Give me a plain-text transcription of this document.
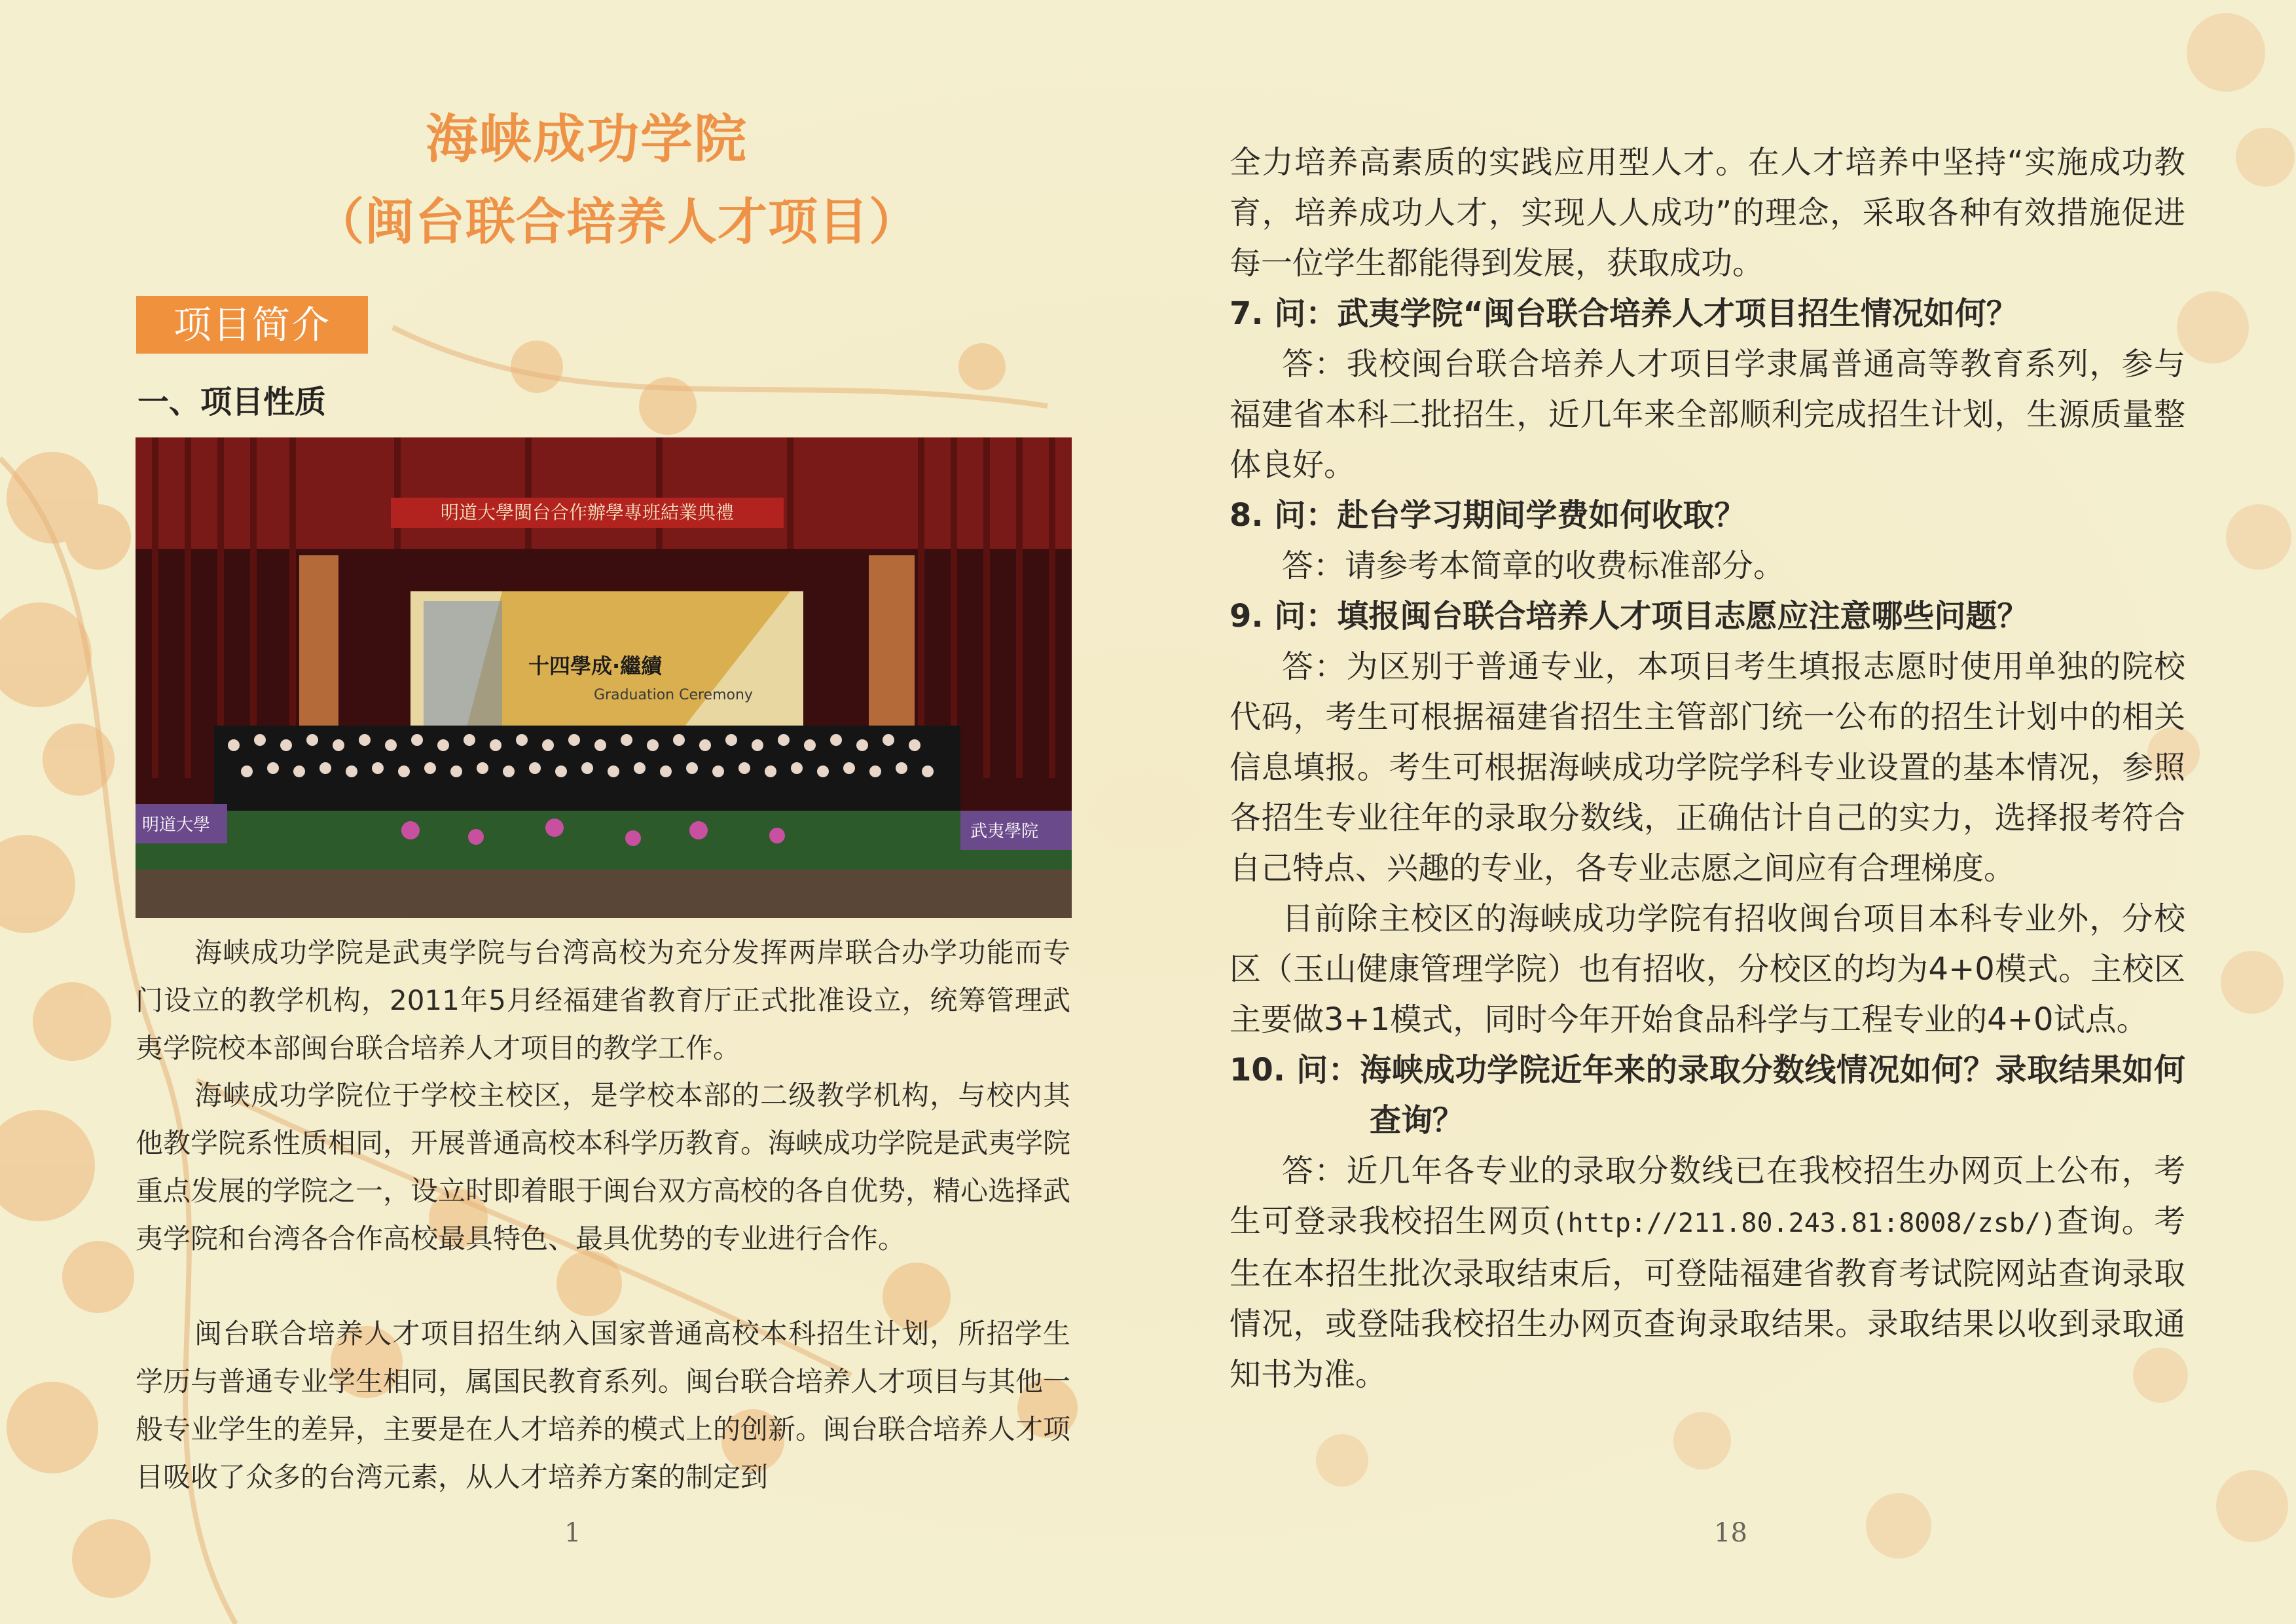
海峡成功学院
（闽台联合培养人才项目）
项目简介
一、项目性质
明道大學閩台合作辦學專班結業典禮
十四學成·繼續
Graduation Ceremony
明道大學	武夷學院
海峡成功学院是武夷学院与台湾高校为充分发挥两岸联合办学功能而专门设立的教学机构，2011年5月经福建省教育厅正式批准设立，统筹管理武夷学院校本部闽台联合培养人才项目的教学工作。
海峡成功学院位于学校主校区，是学校本部的二级教学机构，与校内其他教学院系性质相同，开展普通高校本科学历教育。海峡成功学院是武夷学院重点发展的学院之一，设立时即着眼于闽台双方高校的各自优势，精心选择武夷学院和台湾各合作高校最具特色、最具优势的专业进行合作。
闽台联合培养人才项目招生纳入国家普通高校本科招生计划，所招学生学历与普通专业学生相同，属国民教育系列。闽台联合培养人才项目与其他一般专业学生的差异，主要是在人才培养的模式上的创新。闽台联合培养人才项目吸收了众多的台湾元素，从人才培养方案的制定到
1

全力培养高素质的实践应用型人才。在人才培养中坚持“实施成功教育，培养成功人才，实现人人成功”的理念，采取各种有效措施促进每一位学生都能得到发展，获取成功。

7. 问：武夷学院“闽台联合培养人才项目招生情况如何？

答：我校闽台联合培养人才项目学隶属普通高等教育系列，参与福建省本科二批招生，近几年来全部顺利完成招生计划，生源质量整体良好。

8. 问：赴台学习期间学费如何收取？

答：请参考本简章的收费标准部分。

9. 问：填报闽台联合培养人才项目志愿应注意哪些问题？

答：为区别于普通专业，本项目考生填报志愿时使用单独的院校代码，考生可根据福建省招生主管部门统一公布的招生计划中的相关信息填报。考生可根据海峡成功学院学科专业设置的基本情况，参照各招生专业往年的录取分数线，正确估计自己的实力，选择报考符合自己特点、兴趣的专业，各专业志愿之间应有合理梯度。

目前除主校区的海峡成功学院有招收闽台项目本科专业外，分校区（玉山健康管理学院）也有招收，分校区的均为4+0模式。主校区主要做3+1模式，同时今年开始食品科学与工程专业的4+0试点。

10. 问：海峡成功学院近年来的录取分数线情况如何？录取结果如何查询？

答：近几年各专业的录取分数线已在我校招生办网页上公布，考生可登录我校招生网页(http://211.80.243.81:8008/zsb/)查询。考生在本招生批次录取结束后，可登陆福建省教育考试院网站查询录取情况，或登陆我校招生办网页查询录取结果。录取结果以收到录取通知书为准。

18
